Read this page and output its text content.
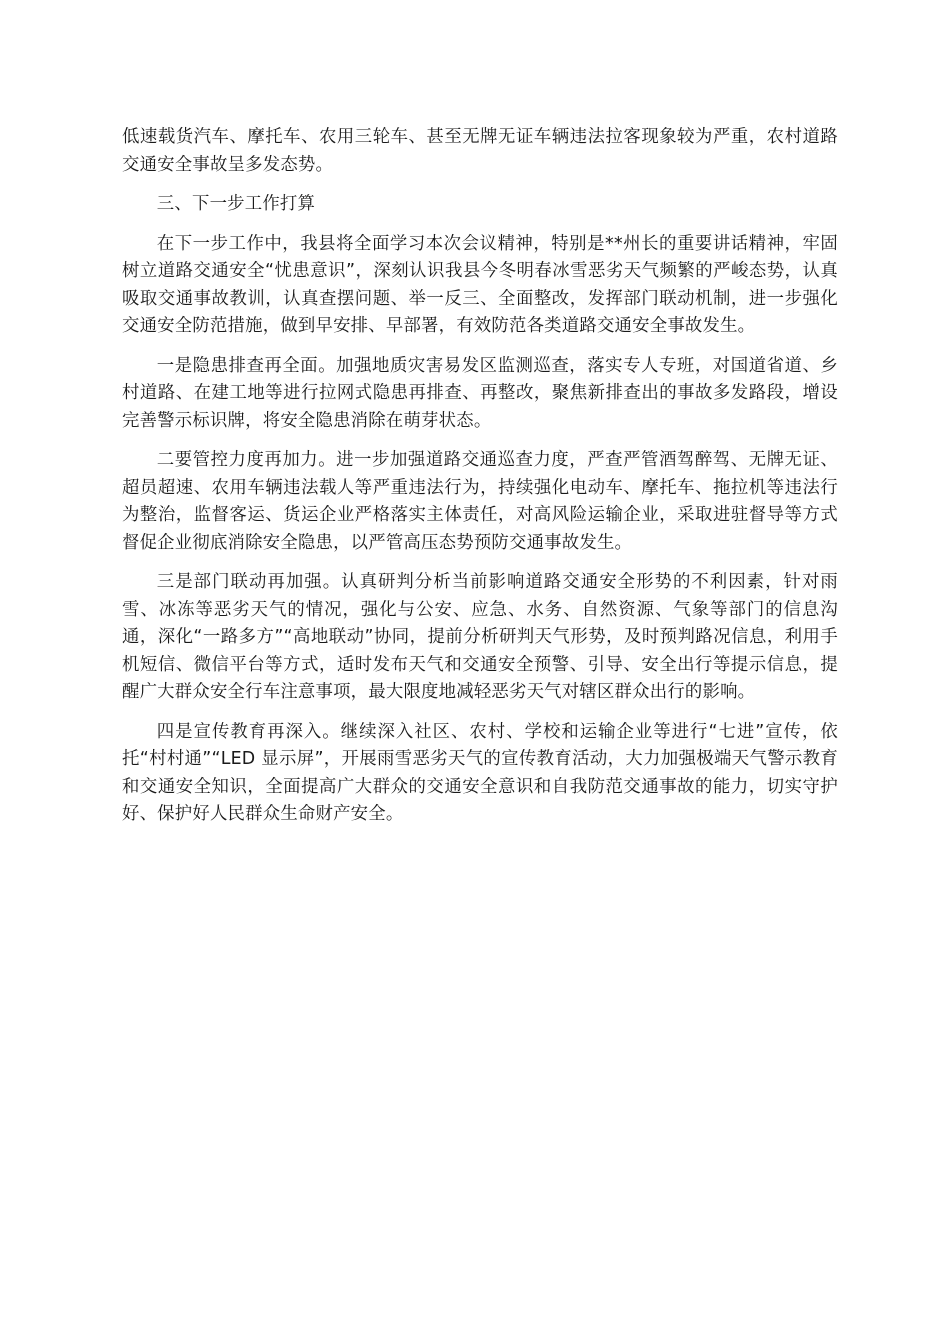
低速载货汽车、摩托车、农用三轮车、甚至无牌无证车辆违法拉客现象较为严重，农村道路交通安全事故呈多发态势。

三、下一步工作打算

在下一步工作中，我县将全面学习本次会议精神，特别是**州长的重要讲话精神，牢固树立道路交通安全“忧患意识”，深刻认识我县今冬明春冰雪恶劣天气频繁的严峻态势，认真吸取交通事故教训，认真查摆问题、举一反三、全面整改，发挥部门联动机制，进一步强化交通安全防范措施，做到早安排、早部署，有效防范各类道路交通安全事故发生。

一是隐患排查再全面。加强地质灾害易发区监测巡查，落实专人专班，对国道省道、乡村道路、在建工地等进行拉网式隐患再排查、再整改，聚焦新排查出的事故多发路段，增设完善警示标识牌，将安全隐患消除在萌芽状态。

二要管控力度再加力。进一步加强道路交通巡查力度，严查严管酒驾醉驾、无牌无证、超员超速、农用车辆违法载人等严重违法行为，持续强化电动车、摩托车、拖拉机等违法行为整治，监督客运、货运企业严格落实主体责任，对高风险运输企业，采取进驻督导等方式督促企业彻底消除安全隐患，以严管高压态势预防交通事故发生。

三是部门联动再加强。认真研判分析当前影响道路交通安全形势的不利因素，针对雨雪、冰冻等恶劣天气的情况，强化与公安、应急、水务、自然资源、气象等部门的信息沟通，深化“一路多方”“高地联动”协同，提前分析研判天气形势，及时预判路况信息，利用手机短信、微信平台等方式，适时发布天气和交通安全预警、引导、安全出行等提示信息，提醒广大群众安全行车注意事项，最大限度地减轻恶劣天气对辖区群众出行的影响。

四是宣传教育再深入。继续深入社区、农村、学校和运输企业等进行“七进”宣传，依托“村村通”“LED 显示屏”，开展雨雪恶劣天气的宣传教育活动，大力加强极端天气警示教育和交通安全知识，全面提高广大群众的交通安全意识和自我防范交通事故的能力，切实守护好、保护好人民群众生命财产安全。
